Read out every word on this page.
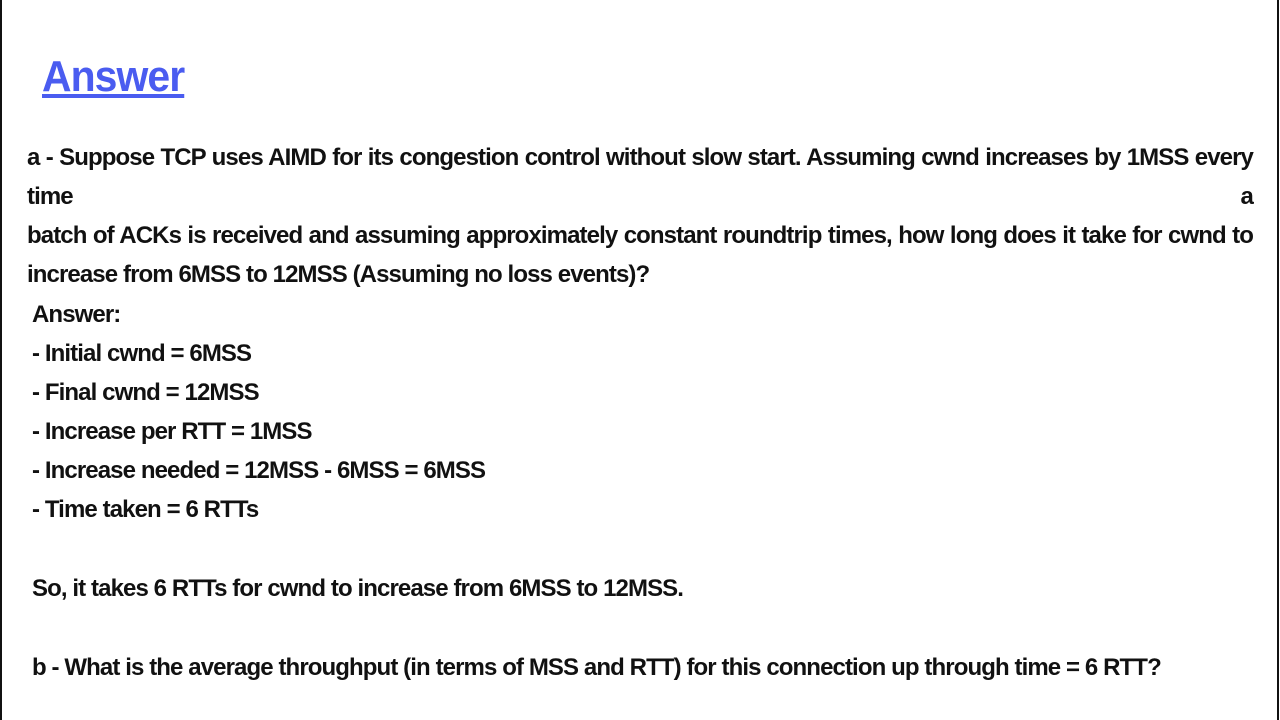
Answer
a - Suppose TCP uses AIMD for its congestion control without slow start. Assuming cwnd increases by 1MSS every time a
batch of ACKs is received and assuming approximately constant roundtrip times, how long does it take for cwnd to
increase from 6MSS to 12MSS (Assuming no loss events)?
Answer:
- Initial cwnd = 6MSS
- Final cwnd = 12MSS
- Increase per RTT = 1MSS
- Increase needed = 12MSS - 6MSS = 6MSS
- Time taken = 6 RTTs
So, it takes 6 RTTs for cwnd to increase from 6MSS to 12MSS.
b - What is the average throughput (in terms of MSS and RTT) for this connection up through time = 6 RTT?
